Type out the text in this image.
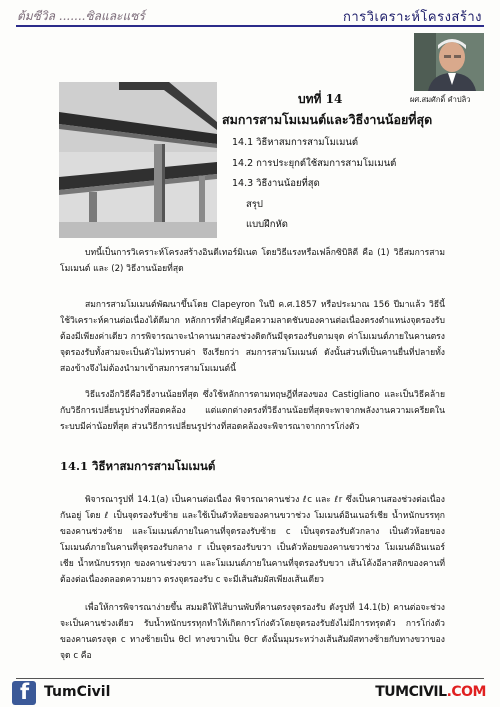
ต้มซีวิล .......ซิลและแซร์	การวิเคราะห์โครงสร้าง
ผศ.สมศักดิ์ คำปลิว
บทที่ 14
สมการสามโมเมนต์และวิธีงานน้อยที่สุด
14.1 วิธีหาสมการสามโมเมนต์
14.2 การประยุกต์ใช้สมการสามโมเมนต์
14.3 วิธีงานน้อยที่สุด
สรุป
แบบฝึกหัด

บทนี้เป็นการวิเคราะห์โครงสร้างอินดีเทอร์มิเนต โดยวิธีแรงหรือเฟล็กซิบิลิตี คือ (1) วิธีสมการสามโมเมนต์ และ (2) วิธีงานน้อยที่สุด

สมการสามโมเมนต์พัฒนาขึ้นโดย Clapeyron ในปี ค.ศ.1857 หรือประมาณ 156 ปีมาแล้ว วิธีนี้ใช้วิเคราะห์คานต่อเนื่องได้ดีมาก หลักการที่สำคัญคือความลาดชันของคานต่อเนื่องตรงตำแหน่งจุดรองรับต้องมีเพียงค่าเดียว การพิจารณาจะนำคานมาสองช่วงติดกันมีจุดรองรับตามจุด ค่าโมเมนต์ภายในคานตรงจุดรองรับทั้งสามจะเป็นตัวไม่ทราบค่า จึงเรียกว่า สมการสามโมเมนต์ ดังนั้นส่วนที่เป็นคานยื่นที่ปลายทั้งสองข้างจึงไม่ต้องนำมาเข้าสมการสามโมเมนต์นี้

วิธีแรงอีกวิธีคือวิธีงานน้อยที่สุด ซึ่งใช้หลักการตามทฤษฎีที่สองของ Castigliano และเป็นวิธีคล้ายกับวิธีการเปลี่ยนรูปร่างที่สอดคล้อง แต่แตกต่างตรงที่วิธีงานน้อยที่สุดจะพาจากพลังงานความเครียดในระบบมีค่าน้อยที่สุด ส่วนวิธีการเปลี่ยนรูปร่างที่สอดคล้องจะพิจารณาจากการโก่งตัว

14.1 วิธีหาสมการสามโมเมนต์

พิจารณารูปที่ 14.1(a) เป็นคานต่อเนื่อง พิจารณาคานช่วง ℓc และ ℓr ซึ่งเป็นคานสองช่วงต่อเนื่องกันอยู่ โดย ℓ เป็นจุดรองรับซ้าย และใช้เป็นตัวห้อยของคานขวาช่วง โมเมนต์อินเนอร์เชีย น้ำหนักบรรทุก ของคานช่วงซ้าย และโมเมนต์ภายในคานที่จุดรองรับซ้าย c เป็นจุดรองรับตัวกลาง เป็นตัวห้อยของโมเมนต์ภายในคานที่จุดรองรับกลาง r เป็นจุดรองรับขวา เป็นตัวห้อยของคานขวาช่วง โมเมนต์อินเนอร์เชีย น้ำหนักบรรทุก ของคานช่วงขวา และโมเมนต์ภายในคานที่จุดรองรับขวา เส้นโค้งอีลาสติกของคานที่ต้องต่อเนื่องตลอดความยาว ตรงจุดรองรับ c จะมีเส้นสัมผัสเพียงเส้นเดียว

เพื่อให้การพิจารณาง่ายขึ้น สมมติให้ไส้บานพับที่คานตรงจุดรองรับ ดังรูปที่ 14.1(b) คานต่อจะช่วงจะเป็นคานช่วงเดียว รับน้ำหนักบรรทุกทำให้เกิดการโก่งตัวโดยจุดรองรับยังไม่มีการทรุดตัว การโก่งตัวของคานตรงจุด c ทางซ้ายเป็น θcl ทางขวาเป็น θcr ดังนั้นมุมระหว่างเส้นสัมผัสทางซ้ายกับทางขวาของจุด c คือ

f TumCivil	TUMCIVIL.COM
